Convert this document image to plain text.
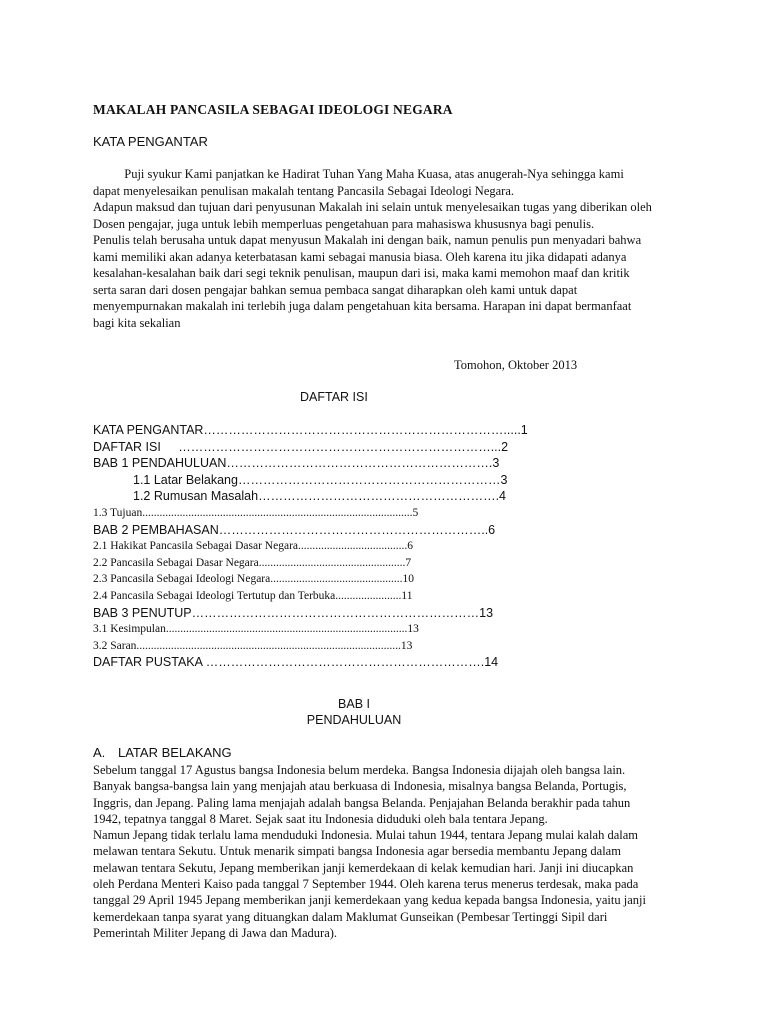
MAKALAH PANCASILA SEBAGAI IDEOLOGI NEGARA
KATA PENGANTAR

Puji syukur Kami panjatkan ke Hadirat Tuhan Yang Maha Kuasa, atas anugerah-Nya sehingga kami

dapat menyelesaikan penulisan makalah tentang Pancasila Sebagai Ideologi Negara.

Adapun maksud dan tujuan dari penyusunan Makalah ini selain untuk menyelesaikan tugas yang diberikan oleh

Dosen pengajar, juga untuk lebih memperluas pengetahuan para mahasiswa khususnya bagi penulis.

Penulis telah berusaha untuk dapat menyusun Makalah ini dengan baik, namun penulis pun menyadari bahwa

kami memiliki akan adanya keterbatasan kami sebagai manusia biasa. Oleh karena itu jika didapati adanya

kesalahan-kesalahan baik dari segi teknik penulisan, maupun dari isi, maka kami memohon maaf dan kritik

serta saran dari dosen pengajar bahkan semua pembaca sangat diharapkan oleh kami untuk dapat

menyempurnakan makalah ini terlebih juga dalam pengetahuan kita bersama. Harapan ini dapat bermanfaat

bagi kita sekalian

Tomohon, Oktober 2013
DAFTAR ISI
KATA PENGANTAR……………………………………………………………….....1
DAFTAR ISI     …………………………………………………………………...2
BAB 1 PENDAHULUAN……………………………………………………….3
1.1 Latar Belakang………………………………………………………3
1.2 Rumusan Masalah………………………………………………….4
1.3 Tujuan..............................................................................................5
BAB 2 PEMBAHASAN………………………………………………………..6
2.1 Hakikat Pancasila Sebagai Dasar Negara......................................6
2.2 Pancasila Sebagai Dasar Negara...................................................7
2.3 Pancasila Sebagai Ideologi Negara..............................................10
2.4 Pancasila Sebagai Ideologi Tertutup dan Terbuka.......................11
BAB 3 PENUTUP……………………………………………………………13
3.1 Kesimpulan....................................................................................13
3.2 Saran............................................................................................13
DAFTAR PUSTAKA ………………………………………………………….14
BAB I
PENDAHULUAN
A. LATAR BELAKANG

Sebelum tanggal 17 Agustus bangsa Indonesia belum merdeka. Bangsa Indonesia dijajah oleh bangsa lain.

Banyak bangsa-bangsa lain yang menjajah atau berkuasa di Indonesia, misalnya bangsa Belanda, Portugis,

Inggris, dan Jepang. Paling lama menjajah adalah bangsa Belanda. Penjajahan Belanda berakhir pada tahun

1942, tepatnya tanggal 8 Maret. Sejak saat itu Indonesia diduduki oleh bala tentara Jepang.

Namun Jepang tidak terlalu lama menduduki Indonesia. Mulai tahun 1944, tentara Jepang mulai kalah dalam

melawan tentara Sekutu. Untuk menarik simpati bangsa Indonesia agar bersedia membantu Jepang dalam

melawan tentara Sekutu, Jepang memberikan janji kemerdekaan di kelak kemudian hari. Janji ini diucapkan

oleh Perdana Menteri Kaiso pada tanggal 7 September 1944. Oleh karena terus menerus terdesak, maka pada

tanggal 29 April 1945 Jepang memberikan janji kemerdekaan yang kedua kepada bangsa Indonesia, yaitu janji

kemerdekaan tanpa syarat yang dituangkan dalam Maklumat Gunseikan (Pembesar Tertinggi Sipil dari

Pemerintah Militer Jepang di Jawa dan Madura).
